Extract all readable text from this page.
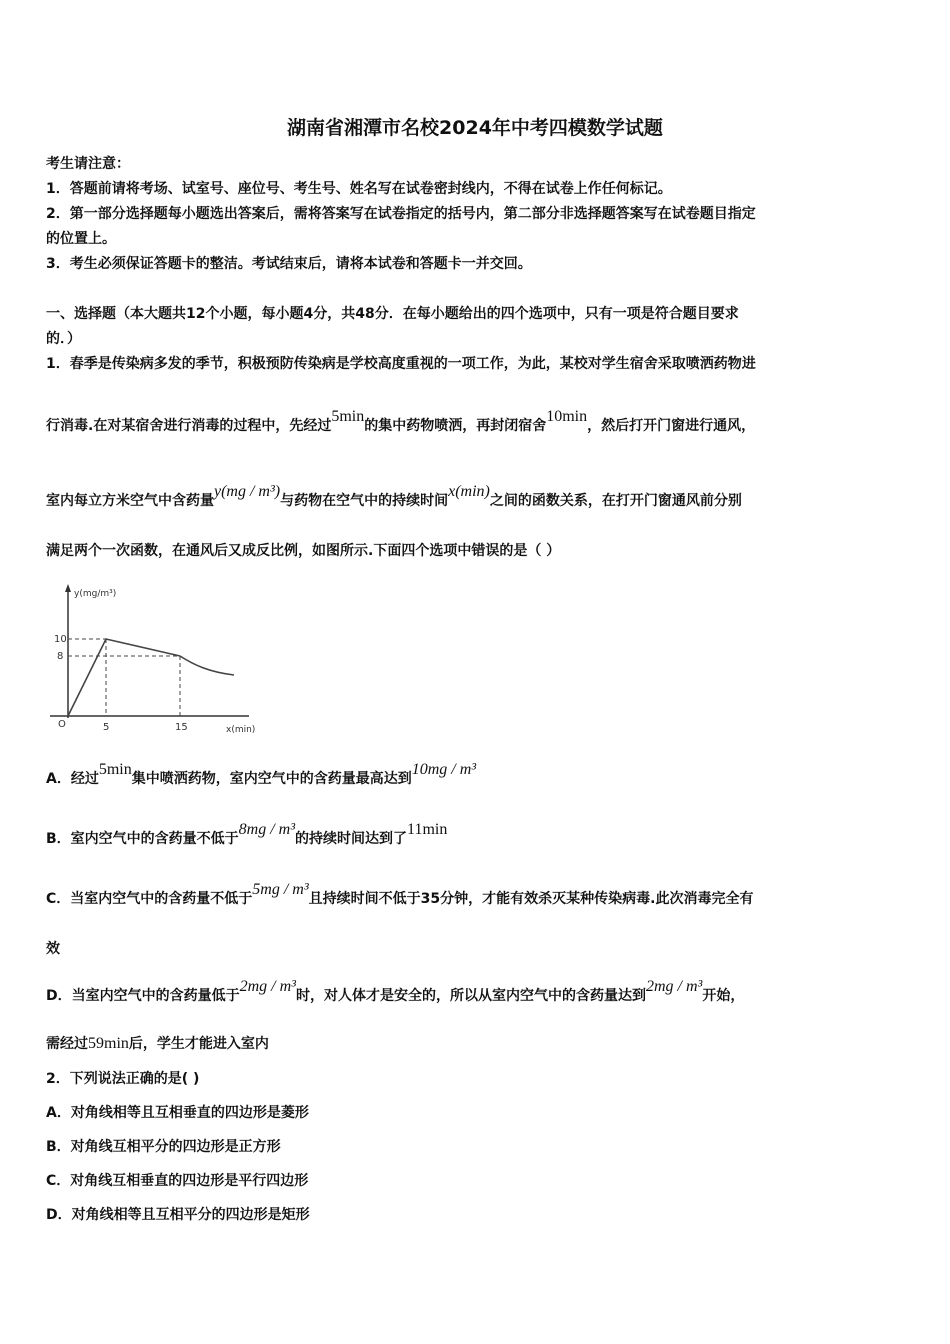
湖南省湘潭市名校2024年中考四模数学试题
考生请注意：
1．答题前请将考场、试室号、座位号、考生号、姓名写在试卷密封线内，不得在试卷上作任何标记。
2．第一部分选择题每小题选出答案后，需将答案写在试卷指定的括号内，第二部分非选择题答案写在试卷题目指定
的位置上。
3．考生必须保证答题卡的整洁。考试结束后，请将本试卷和答题卡一并交回。
一、选择题（本大题共12个小题，每小题4分，共48分．在每小题给出的四个选项中，只有一项是符合题目要求
的．）
1．春季是传染病多发的季节，积极预防传染病是学校高度重视的一项工作，为此，某校对学生宿舍采取喷洒药物进
行消毒.在对某宿舍进行消毒的过程中，先经过5min的集中药物喷洒，再封闭宿舍10min，然后打开门窗进行通风，
室内每立方米空气中含药量y(mg / m³)与药物在空气中的持续时间x(min)之间的函数关系，在打开门窗通风前分别
满足两个一次函数，在通风后又成反比例，如图所示.下面四个选项中错误的是（ ）
y(mg/m³)
10
8
O	5	15	x(min)
A．经过5min集中喷洒药物，室内空气中的含药量最高达到10mg / m³
B．室内空气中的含药量不低于8mg / m³的持续时间达到了11min
C．当室内空气中的含药量不低于5mg / m³且持续时间不低于35分钟，才能有效杀灭某种传染病毒.此次消毒完全有
效
D．当室内空气中的含药量低于2mg / m³时，对人体才是安全的，所以从室内空气中的含药量达到2mg / m³开始，
需经过59min后，学生才能进入室内
2．下列说法正确的是( )
A．对角线相等且互相垂直的四边形是菱形
B．对角线互相平分的四边形是正方形
C．对角线互相垂直的四边形是平行四边形
D．对角线相等且互相平分的四边形是矩形
